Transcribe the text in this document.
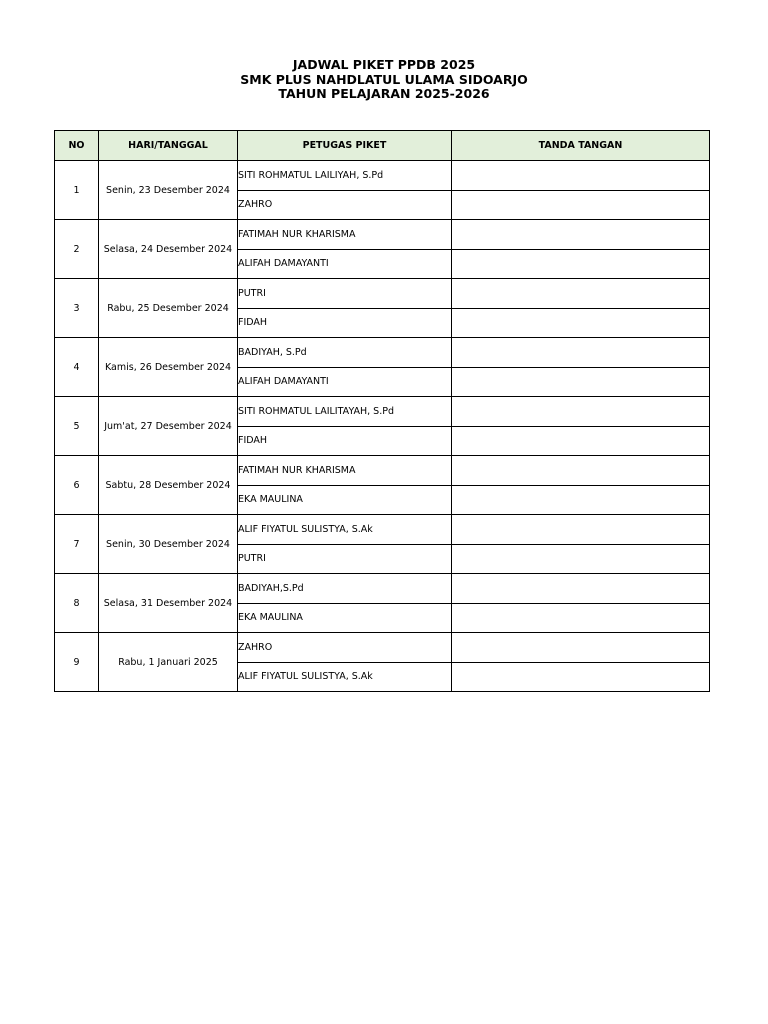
JADWAL PIKET PPDB 2025
SMK PLUS NAHDLATUL ULAMA SIDOARJO
TAHUN PELAJARAN 2025-2026
NO	HARI/TANGGAL	PETUGAS PIKET	TANDA TANGAN
1	Senin, 23 Desember 2024	SITI ROHMATUL LAILIYAH, S.Pd	
		ZAHRO	
2	Selasa, 24 Desember 2024	FATIMAH NUR KHARISMA	
		ALIFAH DAMAYANTI	
3	Rabu, 25 Desember 2024	PUTRI	
		FIDAH	
4	Kamis, 26 Desember 2024	BADIYAH, S.Pd	
		ALIFAH DAMAYANTI	
5	Jum'at, 27 Desember 2024	SITI ROHMATUL LAILITAYAH, S.Pd	
		FIDAH	
6	Sabtu, 28 Desember 2024	FATIMAH NUR KHARISMA	
		EKA MAULINA	
7	Senin, 30 Desember 2024	ALIF FIYATUL SULISTYA, S.Ak	
		PUTRI	
8	Selasa, 31 Desember 2024	BADIYAH,S.Pd	
		EKA MAULINA	
9	Rabu, 1 Januari 2025	ZAHRO	
		ALIF FIYATUL SULISTYA, S.Ak	
